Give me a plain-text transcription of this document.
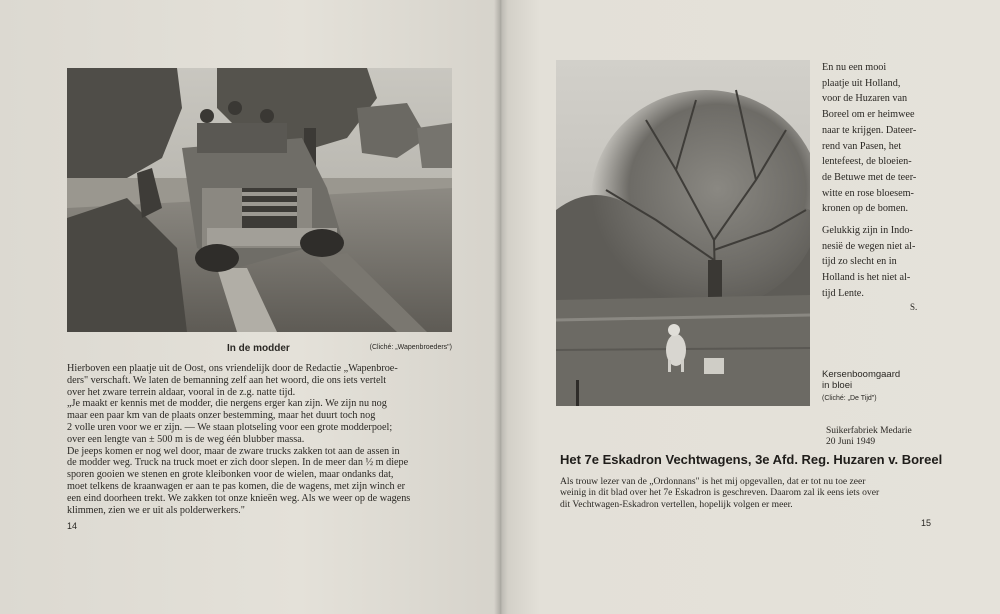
In de modder	(Cliché: „Wapenbroeders")

Hierboven een plaatje uit de Oost, ons vriendelijk door de Redactie „Wapenbroe-

ders" verschaft. We laten de bemanning zelf aan het woord, die ons iets vertelt

over het zware terrein aldaar, vooral in de z.g. natte tijd.

„Je maakt er kennis met de modder, die nergens erger kan zijn. We zijn nu nog

maar een paar km van de plaats onzer bestemming, maar het duurt toch nog

2 volle uren voor we er zijn. — We staan plotseling voor een grote modderpoel;

over een lengte van ± 500 m is de weg één blubber massa.

De jeeps komen er nog wel door, maar de zware trucks zakken tot aan de assen in

de modder weg. Truck na truck moet er zich door slepen. In de meer dan ½ m diepe

sporen gooien we stenen en grote kleibonken voor de wielen, maar ondanks dat,

moet telkens de kraanwagen er aan te pas komen, die de wagens, met zijn winch er

een eind doorheen trekt. We zakken tot onze knieën weg. Als we weer op de wagens

klimmen, zien we er uit als polderwerkers."

14

En nu een mooi

plaatje uit Holland,

voor de Huzaren van

Boreel om er heimwee

naar te krijgen. Dateer-

rend van Pasen, het

lentefeest, de bloeien-

de Betuwe met de teer-

witte en rose bloesem-

kronen op de bomen.

Gelukkig zijn in Indo-

nesië de wegen niet al-

tijd zo slecht en in

Holland is het niet al-

tijd Lente.

S.
Kersenboomgaard
in bloei
(Cliché: „De Tijd")
Suikerfabriek Medarie
20 Juni 1949
Het 7e Eskadron Vechtwagens, 3e Afd. Reg. Huzaren v. Boreel

Als trouw lezer van de „Ordonnans" is het mij opgevallen, dat er tot nu toe zeer

weinig in dit blad over het 7e Eskadron is geschreven. Daarom zal ik eens iets over

dit Vechtwagen-Eskadron vertellen, hopelijk volgen er meer.

15
